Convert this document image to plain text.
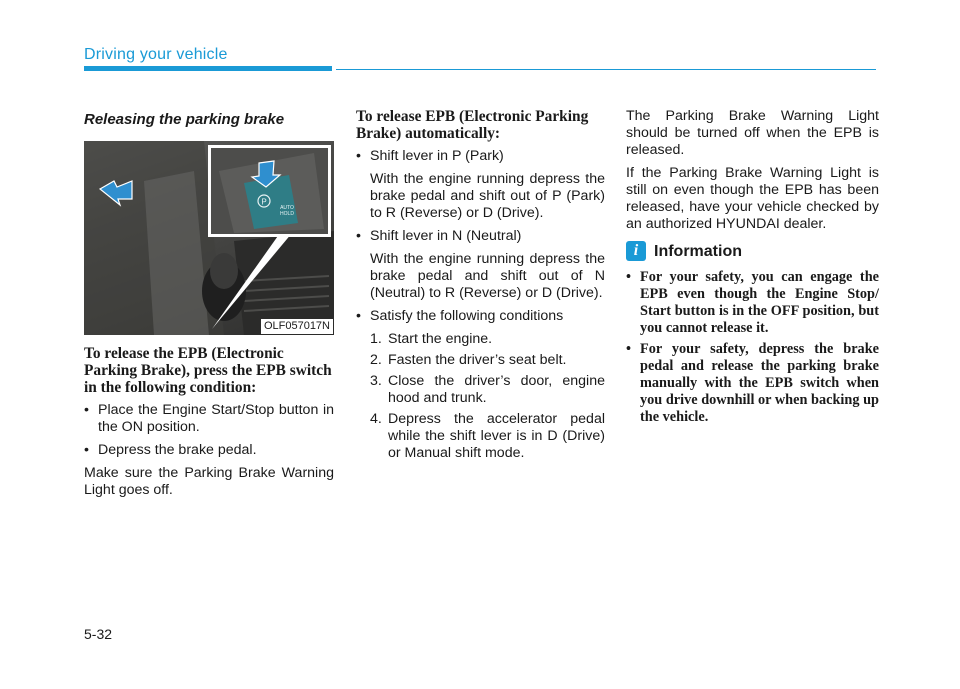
Driving your vehicle
Releasing the parking brake
P
AUTO
HOLD
OLF057017N
To release the EPB (Electronic Parking Brake), press the EPB switch in the following condition:
• Place the Engine Start/Stop button in the ON position.
• Depress the brake pedal.

Make sure the Parking Brake Warning Light goes off.

To release EPB (Electronic Parking Brake) automatically:
• Shift lever in P (Park)
With the engine running depress the brake pedal and shift out of P (Park) to R (Reverse) or D (Drive).
• Shift lever in N (Neutral)
With the engine running depress the brake pedal and shift out of N (Neutral) to R (Reverse) or D (Drive).
• Satisfy the following conditions
1. Start the engine.
2. Fasten the driver’s seat belt.
3. Close the driver’s door, engine hood and trunk.
4. Depress the accelerator pedal while the shift lever is in D (Drive) or Manual shift mode.

The Parking Brake Warning Light should be turned off when the EPB is released.

If the Parking Brake Warning Light is still on even though the EPB has been released, have your vehicle checked by an authorized HYUNDAI dealer.

i Information
• For your safety, you can engage the EPB even though the Engine Stop/ Start button is in the OFF position, but you cannot release it.
• For your safety, depress the brake pedal and release the parking brake manually with the EPB switch when you drive downhill or when backing up the vehicle.
5-32
